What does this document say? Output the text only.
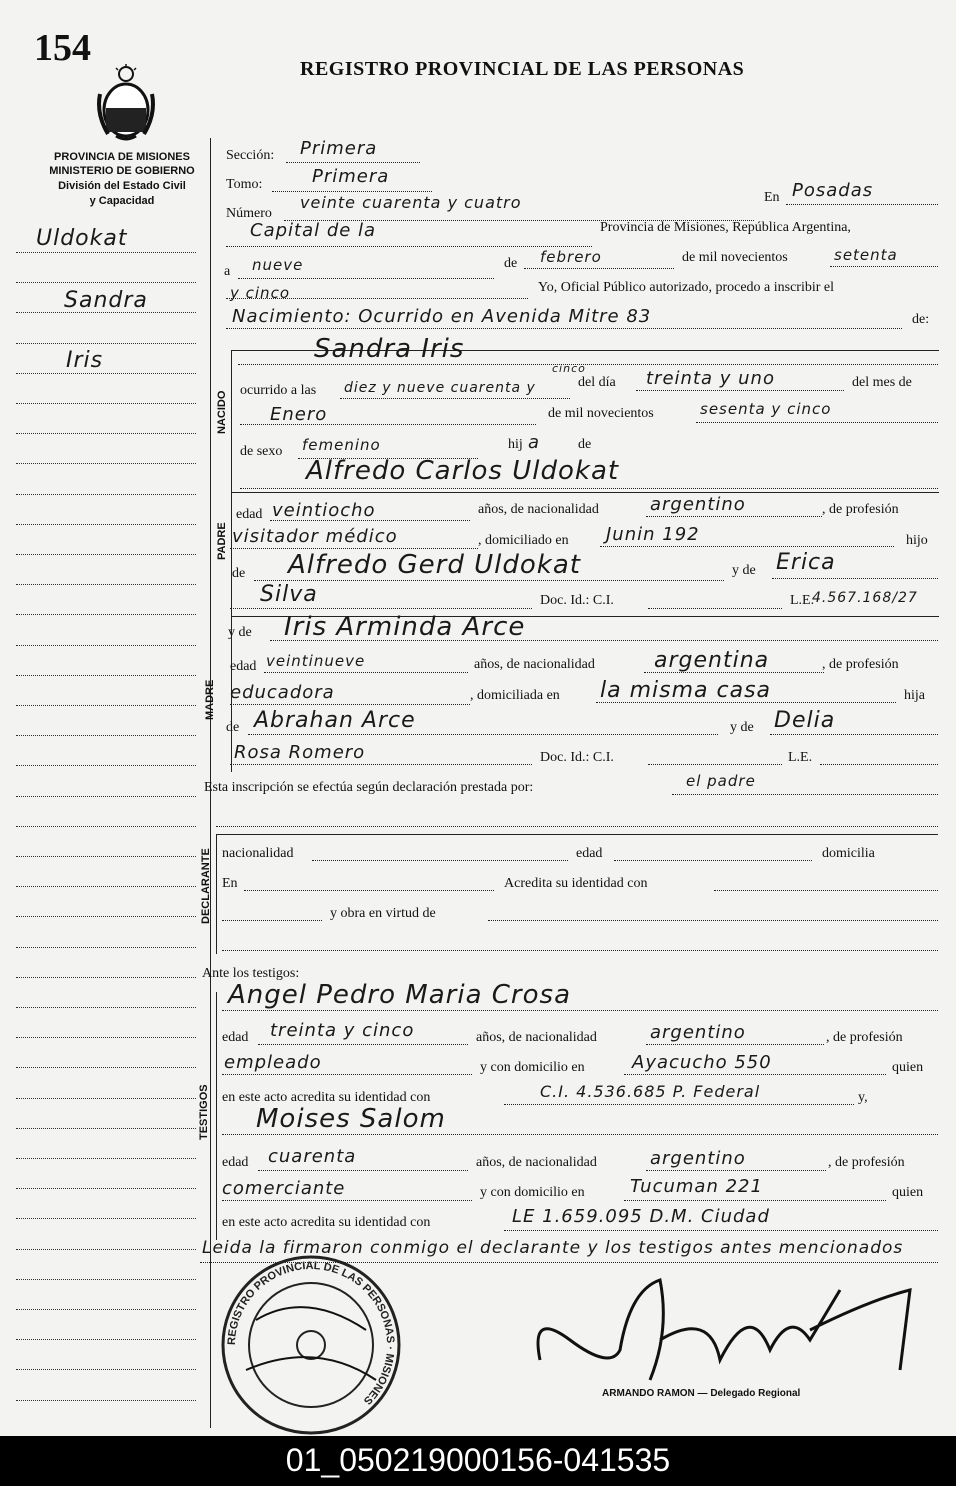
154	REGISTRO PROVINCIAL DE LAS PERSONAS
PROVINCIA DE MISIONES
MINISTERIO DE GOBIERNO
División del Estado Civil
y Capacidad
Uldokat
Sandra
Iris
Sección: Primera
Tomo:	Primera
Número
veinte cuarenta y cuatro	En Posadas
Capital de la	Provincia de Misiones, República Argentina,
a nueve	de febrero	de mil novecientos	setenta
y cinco	Yo, Oficial Público autorizado, procedo a inscribir el
Nacimiento: Ocurrido en Avenida Mitre 83	de:
NACIDO
Sandra Iris
ocurrido a las diez y nueve cuarenta y
cinco
del día treinta y uno	del mes de
Enero	de mil novecientos	sesenta y cinco
de sexo femenino	hij a	de
Alfredo Carlos Uldokat
PADRE
edad veintiocho	años, de nacionalidad	argentino	, de profesión
visitador médico	, domiciliado en Junin 192	hijo
de Alfredo Gerd Uldokat	y de Erica
Silva	Doc. Id.: C.I.	L.E.
4.567.168/27
MADRE
y de Iris Arminda Arce
edad veintinueve	años, de nacionalidad	argentina	, de profesión
educadora	, domiciliada en la misma casa	hija
de Abrahan Arce	y de Delia
Rosa Romero	Doc. Id.: C.I.	L.E.
Esta inscripción se efectúa según declaración prestada por:	el padre
DECLARANTE nacionalidad	edad	domicilia
En	Acredita su identidad con
y obra en virtud de
Ante los testigos:
TESTIGOS
Angel Pedro Maria Crosa
edad treinta y cinco	años, de nacionalidad	argentino	, de profesión
empleado	y con domicilio en	Ayacucho 550	quien
en este acto acredita su identidad con	C.I. 4.536.685 P. Federal	y,
Moises Salom
edad cuarenta	años, de nacionalidad	argentino	, de profesión
comerciante	y con domicilio en	Tucuman 221	quien
en este acto acredita su identidad con	LE 1.659.095 D.M. Ciudad
Leida la firmaron conmigo el declarante y los testigos antes mencionados
REGISTRO PROVINCIAL DE LAS PERSONAS · MISIONES	ARMANDO RAMON — Delegado Regional
01_050219000156-041535
